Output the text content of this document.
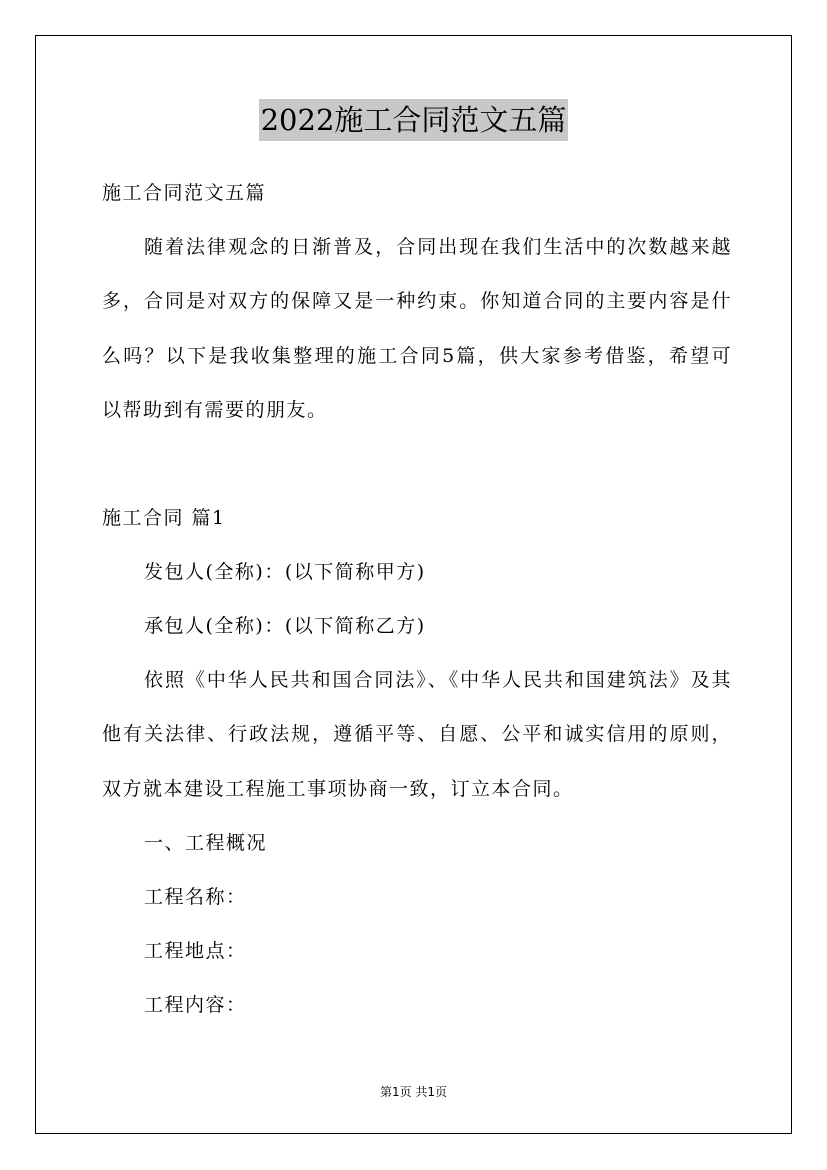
2022施工合同范文五篇
施工合同范文五篇
随着法律观念的日渐普及，合同出现在我们生活中的次数越来越
多，合同是对双方的保障又是一种约束。你知道合同的主要内容是什
么吗？以下是我收集整理的施工合同5篇，供大家参考借鉴，希望可
以帮助到有需要的朋友。
施工合同 篇1
发包人(全称)：(以下简称甲方)
承包人(全称)：(以下简称乙方)
依照《中华人民共和国合同法》、《中华人民共和国建筑法》及其
他有关法律、行政法规，遵循平等、自愿、公平和诚实信用的原则，
双方就本建设工程施工事项协商一致，订立本合同。
一、工程概况
工程名称：
工程地点：
工程内容：
第1页 共1页
